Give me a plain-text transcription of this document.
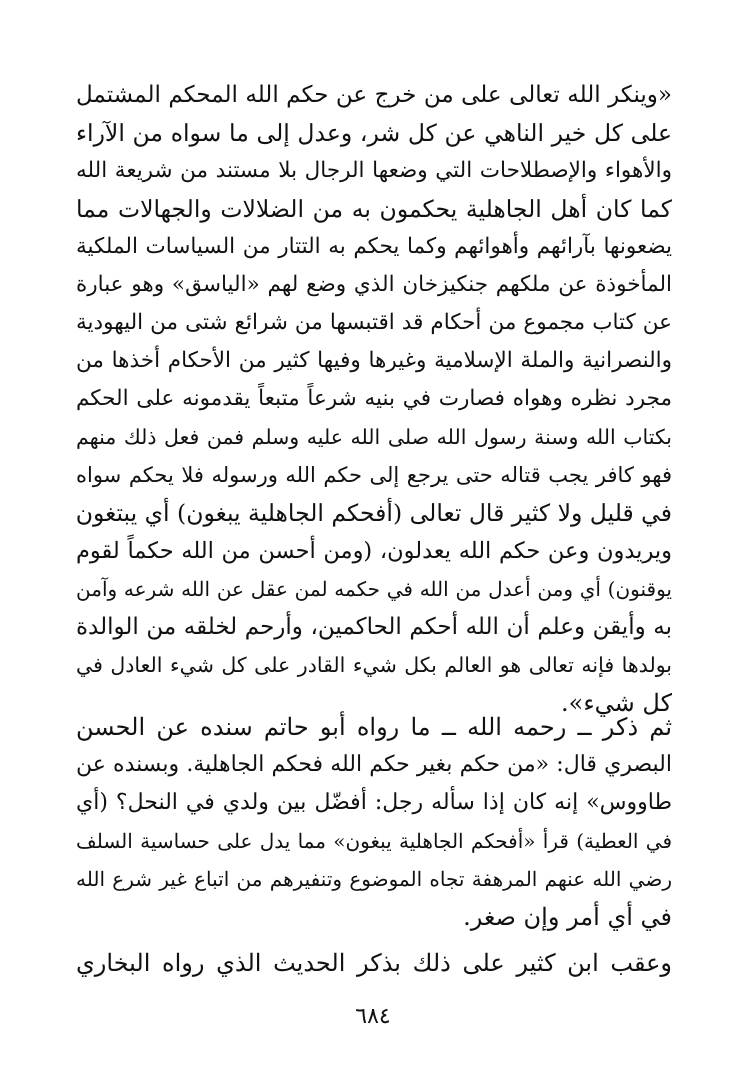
«وينكر الله تعالى على من خرج عن حكم الله المحكم المشتمل
على كل خير الناهي عن كل شر، وعدل إلى ما سواه من الآراء
والأهواء والإصطلاحات التي وضعها الرجال بلا مستند من شريعة الله
كما كان أهل الجاهلية يحكمون به من الضلالات والجهالات مما
يضعونها بآرائهم وأهوائهم وكما يحكم به التتار من السياسات الملكية
المأخوذة عن ملكهم جنكيزخان الذي وضع لهم «الياسق» وهو عبارة
عن كتاب مجموع من أحكام قد اقتبسها من شرائع شتى من اليهودية
والنصرانية والملة الإسلامية وغيرها وفيها كثير من الأحكام أخذها من
مجرد نظره وهواه فصارت في بنيه شرعاً متبعاً يقدمونه على الحكم
بكتاب الله وسنة رسول الله صلى الله عليه وسلم فمن فعل ذلك منهم
فهو كافر يجب قتاله حتى يرجع إلى حكم الله ورسوله فلا يحكم سواه
في قليل ولا كثير قال تعالى (أفحكم الجاهلية يبغون) أي يبتغون
ويريدون وعن حكم الله يعدلون، (ومن أحسن من الله حكماً لقوم
يوقنون) أي ومن أعدل من الله في حكمه لمن عقل عن الله شرعه وآمن
به وأيقن وعلم أن الله أحكم الحاكمين، وأرحم لخلقه من الوالدة
بولدها فإنه تعالى هو العالم بكل شيء القادر على كل شيء العادل في
كل شيء».
ثم ذكر ــ رحمه الله ــ ما رواه أبو حاتم سنده عن الحسن
البصري قال: «من حكم بغير حكم الله فحكم الجاهلية. وبسنده عن
طاووس» إنه كان إذا سأله رجل: أفضّل بين ولدي في النحل؟ (أي
في العطية) قرأ «أفحكم الجاهلية يبغون» مما يدل على حساسية السلف
رضي الله عنهم المرهفة تجاه الموضوع وتنفيرهم من اتباع غير شرع الله
في أي أمر وإن صغر.
وعقب ابن كثير على ذلك بذكر الحديث الذي رواه البخاري
٦٨٤
